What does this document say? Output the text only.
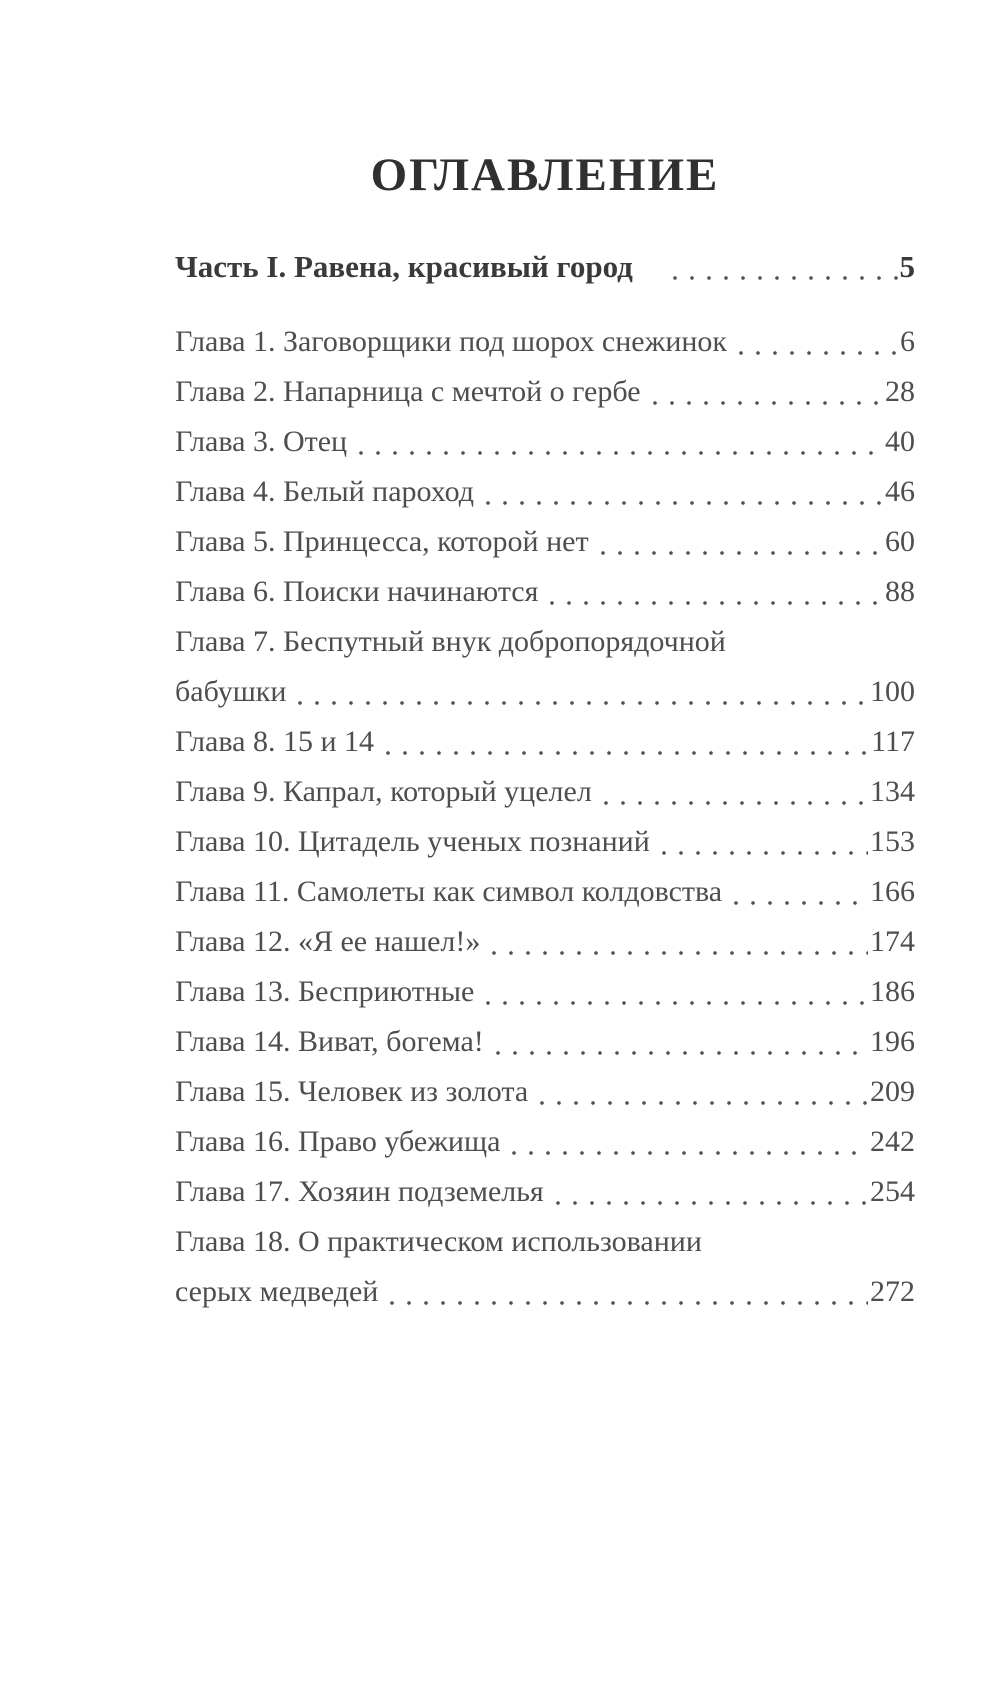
ОГЛАВЛЕНИЕ
Часть I. Равена, красивый город	5
Глава 1. Заговорщики под шорох снежинок	6
Глава 2. Напарница с мечтой о гербе	28
Глава 3. Отец	40
Глава 4. Белый пароход	46
Глава 5. Принцесса, которой нет	60
Глава 6. Поиски начинаются	88
Глава 7. Беспутный внук добропорядочной
бабушки	100
Глава 8. 15 и 14	117
Глава 9. Капрал, который уцелел	134
Глава 10. Цитадель ученых познаний	153
Глава 11. Самолеты как символ колдовства	166
Глава 12. «Я ее нашел!»	174
Глава 13. Бесприютные	186
Глава 14. Виват, богема!	196
Глава 15. Человек из золота	209
Глава 16. Право убежища	242
Глава 17. Хозяин подземелья	254
Глава 18. О практическом использовании
серых медведей	272
